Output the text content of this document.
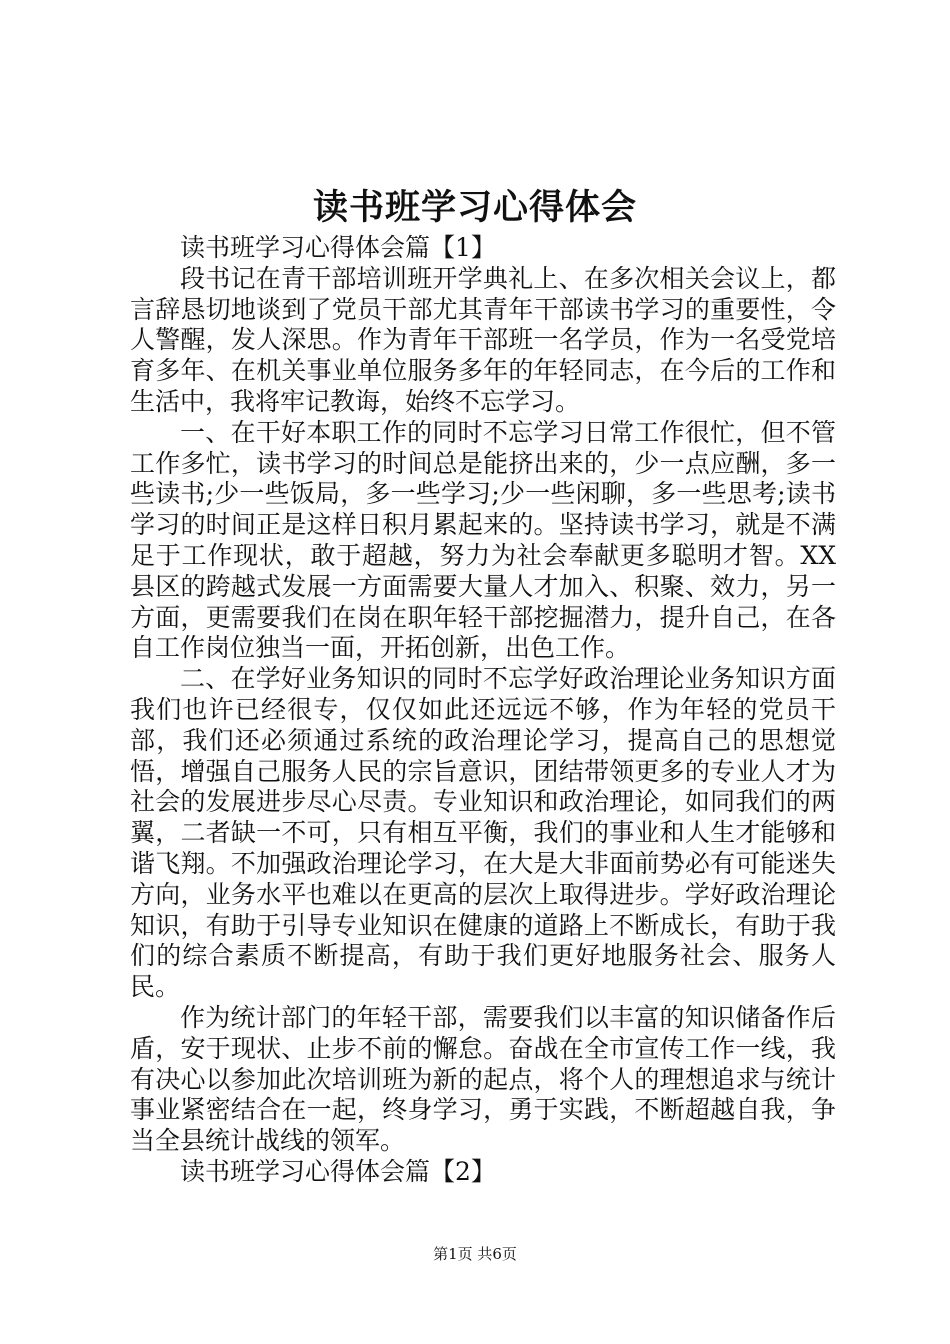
读书班学习心得体会

读书班学习心得体会篇【1】

段书记在青干部培训班开学典礼上、在多次相关会议上，都言辞恳切地谈到了党员干部尤其青年干部读书学习的重要性，令人警醒，发人深思。作为青年干部班一名学员，作为一名受党培育多年、在机关事业单位服务多年的年轻同志，在今后的工作和生活中，我将牢记教诲，始终不忘学习。

一、在干好本职工作的同时不忘学习日常工作很忙，但不管工作多忙，读书学习的时间总是能挤出来的，少一点应酬，多一些读书;少一些饭局，多一些学习;少一些闲聊，多一些思考;读书学习的时间正是这样日积月累起来的。坚持读书学习，就是不满足于工作现状，敢于超越，努力为社会奉献更多聪明才智。XX县区的跨越式发展一方面需要大量人才加入、积聚、效力，另一方面，更需要我们在岗在职年轻干部挖掘潜力，提升自己，在各自工作岗位独当一面，开拓创新，出色工作。

二、在学好业务知识的同时不忘学好政治理论业务知识方面我们也许已经很专，仅仅如此还远远不够，作为年轻的党员干部，我们还必须通过系统的政治理论学习，提高自己的思想觉悟，增强自己服务人民的宗旨意识，团结带领更多的专业人才为社会的发展进步尽心尽责。专业知识和政治理论，如同我们的两翼，二者缺一不可，只有相互平衡，我们的事业和人生才能够和谐飞翔。不加强政治理论学习，在大是大非面前势必有可能迷失方向，业务水平也难以在更高的层次上取得进步。学好政治理论知识，有助于引导专业知识在健康的道路上不断成长，有助于我们的综合素质不断提高，有助于我们更好地服务社会、服务人民。

作为统计部门的年轻干部，需要我们以丰富的知识储备作后盾，安于现状、止步不前的懈怠。奋战在全市宣传工作一线，我有决心以参加此次培训班为新的起点，将个人的理想追求与统计事业紧密结合在一起，终身学习，勇于实践，不断超越自我，争当全县统计战线的领军。

读书班学习心得体会篇【2】

第1页 共6页
